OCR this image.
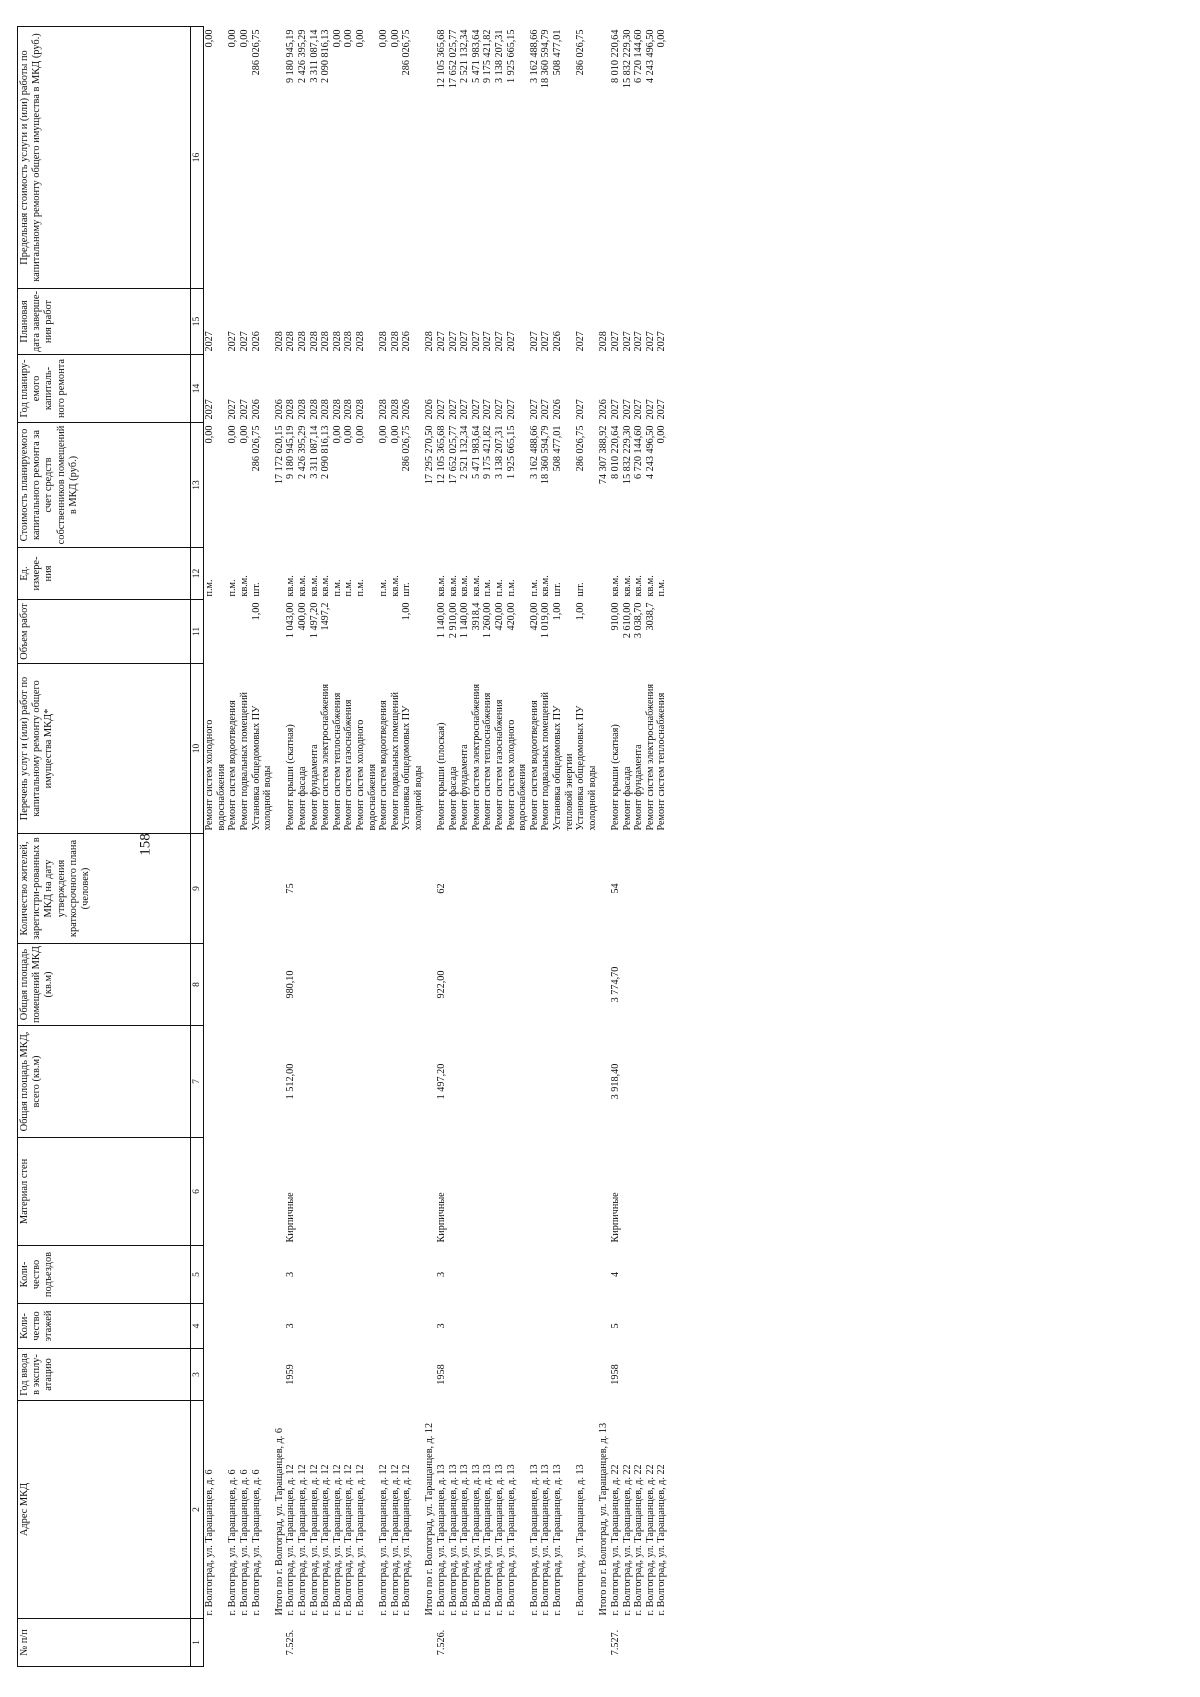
158
№ п/п	Адрес МКД	Год ввода в эксплу-атацию	Коли-чество этажей	Коли-чество подъездов	Материал стен	Общая площадь МКД, всего (кв.м)	Общая площадь помещений МКД (кв.м)	Количество жителей, зарегистри-рованных в МКД на дату утверждения краткосрочного плана (человек)	Перечень услуг и (или) работ по капитальному ремонту общего имущества МКД*	Объем работ	Ед. измере-ния	Стоимость планируемого капитального ремонта за счет средств собственников помещений в МКД (руб.)	Год планиру-емого капиталь-ного ремонта	Плановая дата заверше-ния работ	Предельная стоимость услуги и (или) работы по капитальному ремонту общего имущества в МКД (руб.)
1	2	3	4	5	6	7	8	9	10	11	12	13	14	15	16
	г. Волгоград, ул. Таращанцев, д. 6								Ремонт систем холодного водоснабжения		п.м.	0,00	2027	2027	0,00
	г. Волгоград, ул. Таращанцев, д. 6								Ремонт систем водоотведения		п.м.	0,00	2027	2027	0,00
	г. Волгоград, ул. Таращанцев, д. 6								Ремонт подвальных помещений		кв.м.	0,00	2027	2027	0,00
	г. Волгоград, ул. Таращанцев, д. 6								Установка общедомовых ПУ холодной воды	1,00	шт.	286 026,75	2026	2026	286 026,75
	Итого по г. Волгоград, ул. Таращанцев, д. 6											17 172 620,15	2026	2028	
7.525.	г. Волгоград, ул. Таращанцев, д. 12	1959	3	3	Кирпичные	1 512,00	980,10	75	Ремонт крыши (скатная)	1 043,00	кв.м.	9 180 945,19	2028	2028	9 180 945,19
	г. Волгоград, ул. Таращанцев, д. 12								Ремонт фасада	400,00	кв.м.	2 426 395,29	2028	2028	2 426 395,29
	г. Волгоград, ул. Таращанцев, д. 12								Ремонт фундамента	1 497,20	кв.м.	3 311 087,14	2028	2028	3 311 087,14
	г. Волгоград, ул. Таращанцев, д. 12								Ремонт систем электроснабжения	1497,2	кв.м.	2 090 816,13	2028	2028	2 090 816,13
	г. Волгоград, ул. Таращанцев, д. 12								Ремонт систем теплоснабжения		п.м.	0,00	2028	2028	0,00
	г. Волгоград, ул. Таращанцев, д. 12								Ремонт систем газоснабжения		п.м.	0,00	2028	2028	0,00
	г. Волгоград, ул. Таращанцев, д. 12								Ремонт систем холодного водоснабжения		п.м.	0,00	2028	2028	0,00
	г. Волгоград, ул. Таращанцев, д. 12								Ремонт систем водоотведения		п.м.	0,00	2028	2028	0,00
	г. Волгоград, ул. Таращанцев, д. 12								Ремонт подвальных помещений		кв.м.	0,00	2028	2028	0,00
	г. Волгоград, ул. Таращанцев, д. 12								Установка общедомовых ПУ холодной воды	1,00	шт.	286 026,75	2026	2026	286 026,75
	Итого по г. Волгоград, ул. Таращанцев, д. 12											17 295 270,50	2026	2028	
7.526.	г. Волгоград, ул. Таращанцев, д. 13	1958	3	3	Кирпичные	1 497,20	922,00	62	Ремонт крыши (плоская)	1 140,00	кв.м.	12 105 365,68	2027	2027	12 105 365,68
	г. Волгоград, ул. Таращанцев, д. 13								Ремонт фасада	2 910,00	кв.м.	17 652 025,77	2027	2027	17 652 025,77
	г. Волгоград, ул. Таращанцев, д. 13								Ремонт фундамента	1 140,00	кв.м.	2 521 132,34	2027	2027	2 521 132,34
	г. Волгоград, ул. Таращанцев, д. 13								Ремонт систем электроснабжения	3918,4	кв.м.	5 471 983,64	2027	2027	5 471 983,64
	г. Волгоград, ул. Таращанцев, д. 13								Ремонт систем теплоснабжения	1 260,00	п.м.	9 175 421,82	2027	2027	9 175 421,82
	г. Волгоград, ул. Таращанцев, д. 13								Ремонт систем газоснабжения	420,00	п.м.	3 138 207,31	2027	2027	3 138 207,31
	г. Волгоград, ул. Таращанцев, д. 13								Ремонт систем холодного водоснабжения	420,00	п.м.	1 925 665,15	2027	2027	1 925 665,15
	г. Волгоград, ул. Таращанцев, д. 13								Ремонт систем водоотведения	420,00	п.м.	3 162 488,66	2027	2027	3 162 488,66
	г. Волгоград, ул. Таращанцев, д. 13								Ремонт подвальных помещений	1 019,00	кв.м.	18 360 594,79	2027	2027	18 360 594,79
	г. Волгоград, ул. Таращанцев, д. 13								Установка общедомовых ПУ тепловой энергии	1,00	шт.	508 477,01	2026	2026	508 477,01
	г. Волгоград, ул. Таращанцев, д. 13								Установка общедомовых ПУ холодной воды	1,00	шт.	286 026,75	2027	2027	286 026,75
	Итого по г. Волгоград, ул. Таращанцев, д. 13											74 307 388,92	2026	2028	
7.527.	г. Волгоград, ул. Таращанцев, д. 22	1958	5	4	Кирпичные	3 918,40	3 774,70	54	Ремонт крыши (скатная)	910,00	кв.м.	8 010 220,64	2027	2027	8 010 220,64
	г. Волгоград, ул. Таращанцев, д. 22								Ремонт фасада	2 610,00	кв.м.	15 832 229,30	2027	2027	15 832 229,30
	г. Волгоград, ул. Таращанцев, д. 22								Ремонт фундамента	3 038,70	кв.м.	6 720 144,60	2027	2027	6 720 144,60
	г. Волгоград, ул. Таращанцев, д. 22								Ремонт систем электроснабжения	3038,7	кв.м.	4 243 496,50	2027	2027	4 243 496,50
	г. Волгоград, ул. Таращанцев, д. 22								Ремонт систем теплоснабжения		п.м.	0,00	2027	2027	0,00
